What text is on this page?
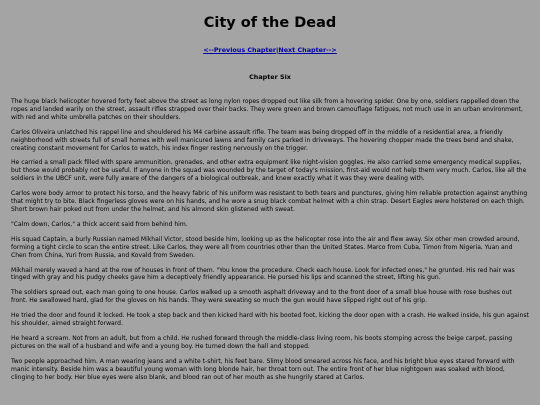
City of the Dead
<--Previous Chapter|Next Chapter-->
Chapter Six

The huge black helicopter hovered forty feet above the street as long nylon ropes dropped out like silk from a hovering spider. One by one, soldiers rappelled down the ropes and landed warily on the street, assault rifles strapped over their backs. They were green and brown camouflage fatigues, not much use in an urban environment, with red and white umbrella patches on their shoulders.

Carlos Oliveira unlatched his rappel line and shouldered his M4 carbine assault rifle. The team was being dropped off in the middle of a residential area, a friendly neighborhood with streets full of small homes with well manicured lawns and family cars parked in driveways. The hovering chopper made the trees bend and shake, creating constant movement for Carlos to watch, his index finger resting nervously on the trigger.

He carried a small pack filled with spare ammunition, grenades, and other extra equipment like night-vision goggles. He also carried some emergency medical supplies, but those would probably not be useful. If anyone in the squad was wounded by the target of today's mission, first-aid would not help them very much. Carlos, like all the soldiers in the UBCF unit, were fully aware of the dangers of a biological outbreak, and knew exactly what it was they were dealing with.

Carlos wore body armor to protect his torso, and the heavy fabric of his uniform was resistant to both tears and punctures, giving him reliable protection against anything that might try to bite. Black fingerless gloves were on his hands, and he wore a snug black combat helmet with a chin strap. Desert Eagles were holstered on each thigh. Short brown hair poked out from under the helmet, and his almond skin glistened with sweat.

"Calm down, Carlos," a thick accent said from behind him.

His squad Captain, a burly Russian named Mikhail Victor, stood beside him, looking up as the helicopter rose into the air and flew away. Six other men crowded around, forming a tight circle to scan the entire street. Like Carlos, they were all from countries other than the United States. Marco from Cuba, Timon from Nigeria, Yuan and Chen from China, Yuri from Russia, and Kovald from Sweden.

Mikhail merely waved a hand at the row of houses in front of them. "You know the procedure. Check each house. Look for infected ones," he grunted. His red hair was tinged with gray and his pudgy cheeks gave him a deceptively friendly appearance. He pursed his lips and scanned the street, lifting his gun.

The soldiers spread out, each man going to one house. Carlos walked up a smooth asphalt driveway and to the front door of a small blue house with rose bushes out front. He swallowed hard, glad for the gloves on his hands. They were sweating so much the gun would have slipped right out of his grip.

He tried the door and found it locked. He took a step back and then kicked hard with his booted foot, kicking the door open with a crash. He walked inside, his gun against his shoulder, aimed straight forward.

He heard a scream. Not from an adult, but from a child. He rushed forward through the middle-class living room, his boots stomping across the beige carpet, passing pictures on the wall of a husband and wife and a young boy. He turned down the hall and stopped.

Two people approached him. A man wearing jeans and a white t-shirt, his feet bare. Slimy blood smeared across his face, and his bright blue eyes stared forward with manic intensity. Beside him was a beautiful young woman with long blonde hair, her throat torn out. The entire front of her blue nightgown was soaked with blood, clinging to her body. Her blue eyes were also blank, and blood ran out of her mouth as she hungrily stared at Carlos.
